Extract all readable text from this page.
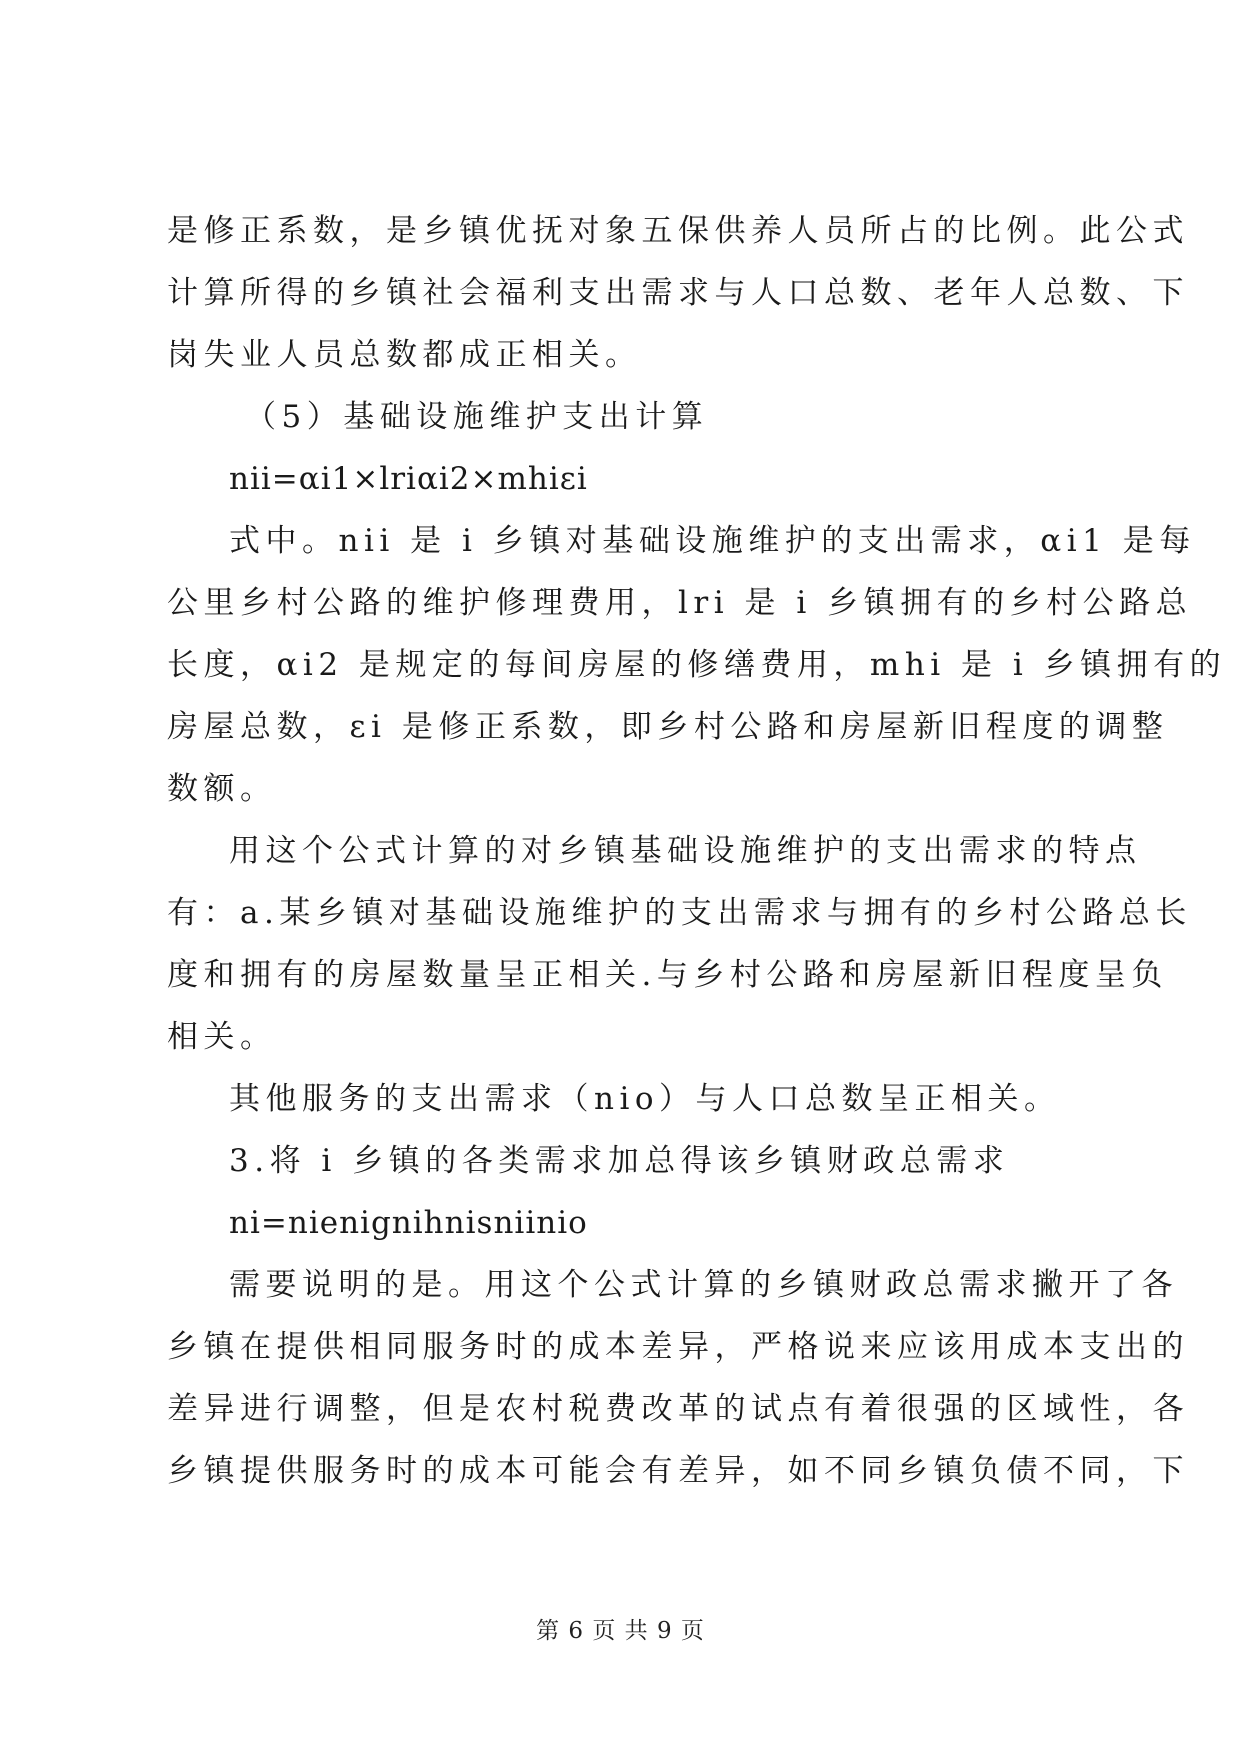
是修正系数，是乡镇优抚对象五保供养人员所占的比例。此公式
计算所得的乡镇社会福利支出需求与人口总数、老年人总数、下
岗失业人员总数都成正相关。
（5）基础设施维护支出计算
nii=αi1×lriαi2×mhiεi
式中。nii 是 i 乡镇对基础设施维护的支出需求，αi1 是每
公里乡村公路的维护修理费用，lri 是 i 乡镇拥有的乡村公路总
长度，αi2 是规定的每间房屋的修缮费用，mhi 是 i 乡镇拥有的
房屋总数，εi 是修正系数，即乡村公路和房屋新旧程度的调整
数额。
用这个公式计算的对乡镇基础设施维护的支出需求的特点
有：a.某乡镇对基础设施维护的支出需求与拥有的乡村公路总长
度和拥有的房屋数量呈正相关.与乡村公路和房屋新旧程度呈负
相关。
其他服务的支出需求（nio）与人口总数呈正相关。
3.将 i 乡镇的各类需求加总得该乡镇财政总需求
ni=nienignihnisniinio
需要说明的是。用这个公式计算的乡镇财政总需求撇开了各
乡镇在提供相同服务时的成本差异，严格说来应该用成本支出的
差异进行调整，但是农村税费改革的试点有着很强的区域性，各
乡镇提供服务时的成本可能会有差异，如不同乡镇负债不同，下
第 6 页 共 9 页
